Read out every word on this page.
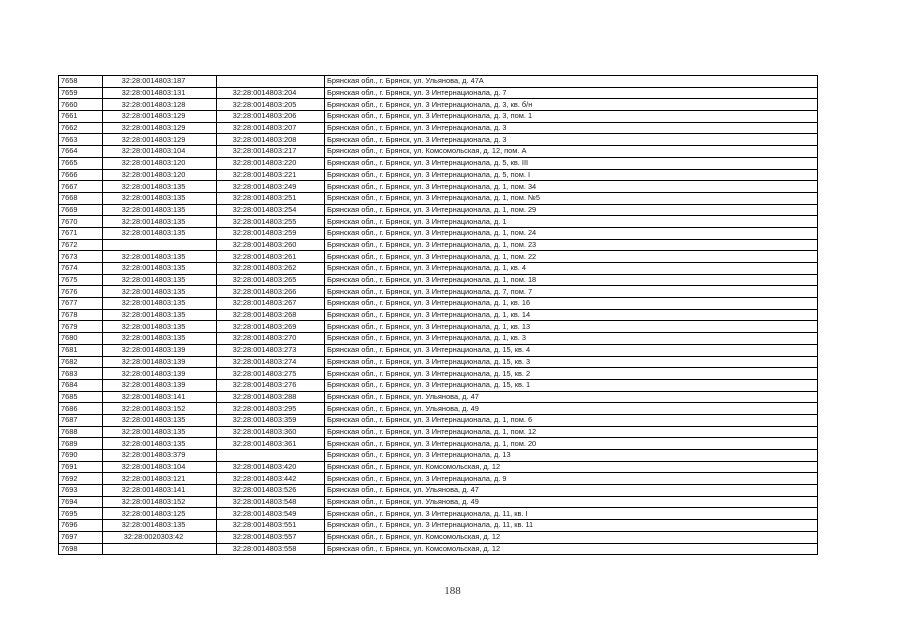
7658	32:28:0014803:187		Брянская обл., г. Брянск, ул. Ульянова, д. 47А
7659	32:28:0014803:131	32:28:0014803:204	Брянская обл., г. Брянск, ул. 3 Интернационала, д. 7
7660	32:28:0014803:128	32:28:0014803:205	Брянская обл., г. Брянск, ул. 3 Интернационала, д. 3, кв. б/н
7661	32:28:0014803:129	32:28:0014803:206	Брянская обл., г. Брянск, ул. 3 Интернационала, д. 3, пом. 1
7662	32:28:0014803:129	32:28:0014803:207	Брянская обл., г. Брянск, ул. 3 Интернационала, д. 3
7663	32:28:0014803:129	32:28:0014803:208	Брянская обл., г. Брянск, ул. 3 Интернационала, д. 3
7664	32:28:0014803:104	32:28:0014803:217	Брянская обл., г. Брянск, ул. Комсомольская, д. 12, пом. А
7665	32:28:0014803:120	32:28:0014803:220	Брянская обл., г. Брянск, ул. 3 Интернационала, д. 5, кв. III
7666	32:28:0014803:120	32:28:0014803:221	Брянская обл., г. Брянск, ул. 3 Интернационала, д. 5, пом. I
7667	32:28:0014803:135	32:28:0014803:249	Брянская обл., г. Брянск, ул. 3 Интернационала, д. 1, пом. 34
7668	32:28:0014803:135	32:28:0014803:251	Брянская обл., г. Брянск, ул. 3 Интернационала, д. 1, пом. №5
7669	32:28:0014803:135	32:28:0014803:254	Брянская обл., г. Брянск, ул. 3 Интернационала, д. 1, пом. 29
7670	32:28:0014803:135	32:28:0014803:255	Брянская обл., г. Брянск, ул. 3 Интернационала, д. 1
7671	32:28:0014803:135	32:28:0014803:259	Брянская обл., г. Брянск, ул. 3 Интернационала, д. 1, пом. 24
7672		32:28:0014803:260	Брянская обл., г. Брянск, ул. 3 Интернационала, д. 1, пом. 23
7673	32:28:0014803:135	32:28:0014803:261	Брянская обл., г. Брянск, ул. 3 Интернационала, д. 1, пом. 22
7674	32:28:0014803:135	32:28:0014803:262	Брянская обл., г. Брянск, ул. 3 Интернационала, д. 1, кв. 4
7675	32:28:0014803:135	32:28:0014803:265	Брянская обл., г. Брянск, ул. 3 Интернационала, д. 1, пом. 18
7676	32:28:0014803:135	32:28:0014803:266	Брянская обл., г. Брянск, ул. 3 Интернационала, д. 7, пом. 7
7677	32:28:0014803:135	32:28:0014803:267	Брянская обл., г. Брянск, ул. 3 Интернационала, д. 1, кв. 16
7678	32:28:0014803:135	32:28:0014803:268	Брянская обл., г. Брянск, ул. 3 Интернационала, д. 1, кв. 14
7679	32:28:0014803:135	32:28:0014803:269	Брянская обл., г. Брянск, ул. 3 Интернационала, д. 1, кв. 13
7680	32:28:0014803:135	32:28:0014803:270	Брянская обл., г. Брянск, ул. 3 Интернационала, д. 1, кв. 3
7681	32:28:0014803:139	32:28:0014803:273	Брянская обл., г. Брянск, ул. 3 Интернационала, д. 15, кв. 4
7682	32:28:0014803:139	32:28:0014803:274	Брянская обл., г. Брянск, ул. 3 Интернационала, д. 15, кв. 3
7683	32:28:0014803:139	32:28:0014803:275	Брянская обл., г. Брянск, ул. 3 Интернационала, д. 15, кв. 2
7684	32:28:0014803:139	32:28:0014803:276	Брянская обл., г. Брянск, ул. 3 Интернационала, д. 15, кв. 1
7685	32:28:0014803:141	32:28:0014803:288	Брянская обл., г. Брянск, ул. Ульянова, д. 47
7686	32:28:0014803:152	32:28:0014803:295	Брянская обл., г. Брянск, ул. Ульянова, д. 49
7687	32:28:0014803:135	32:28:0014803:359	Брянская обл., г. Брянск, ул. 3 Интернационала, д. 1, пом. 6
7688	32:28:0014803:135	32:28:0014803:360	Брянская обл., г. Брянск, ул. 3 Интернационала, д. 1, пом. 12
7689	32:28:0014803:135	32:28:0014803:361	Брянская обл., г. Брянск, ул. 3 Интернационала, д. 1, пом. 20
7690	32:28:0014803:379		Брянская обл., г. Брянск, ул. 3 Интернационала, д. 13
7691	32:28:0014803:104	32:28:0014803:420	Брянская обл., г. Брянск, ул. Комсомольская, д. 12
7692	32:28:0014803:121	32:28:0014803:442	Брянская обл., г. Брянск, ул. 3 Интернационала, д. 9
7693	32:28:0014803:141	32:28:0014803:526	Брянская обл., г. Брянск, ул. Ульянова, д. 47
7694	32:28:0014803:152	32:28:0014803:548	Брянская обл., г. Брянск, ул. Ульянова, д. 49
7695	32:28:0014803:125	32:28:0014803:549	Брянская обл., г. Брянск, ул. 3 Интернационала, д. 11, кв. I
7696	32:28:0014803:135	32:28:0014803:551	Брянская обл., г. Брянск, ул. 3 Интернационала, д. 11, кв. 11
7697	32:28:0020303:42	32:28:0014803:557	Брянская обл., г. Брянск, ул. Комсомольская, д. 12
7698		32:28:0014803:558	Брянская обл., г. Брянск, ул. Комсомольская, д. 12
188
